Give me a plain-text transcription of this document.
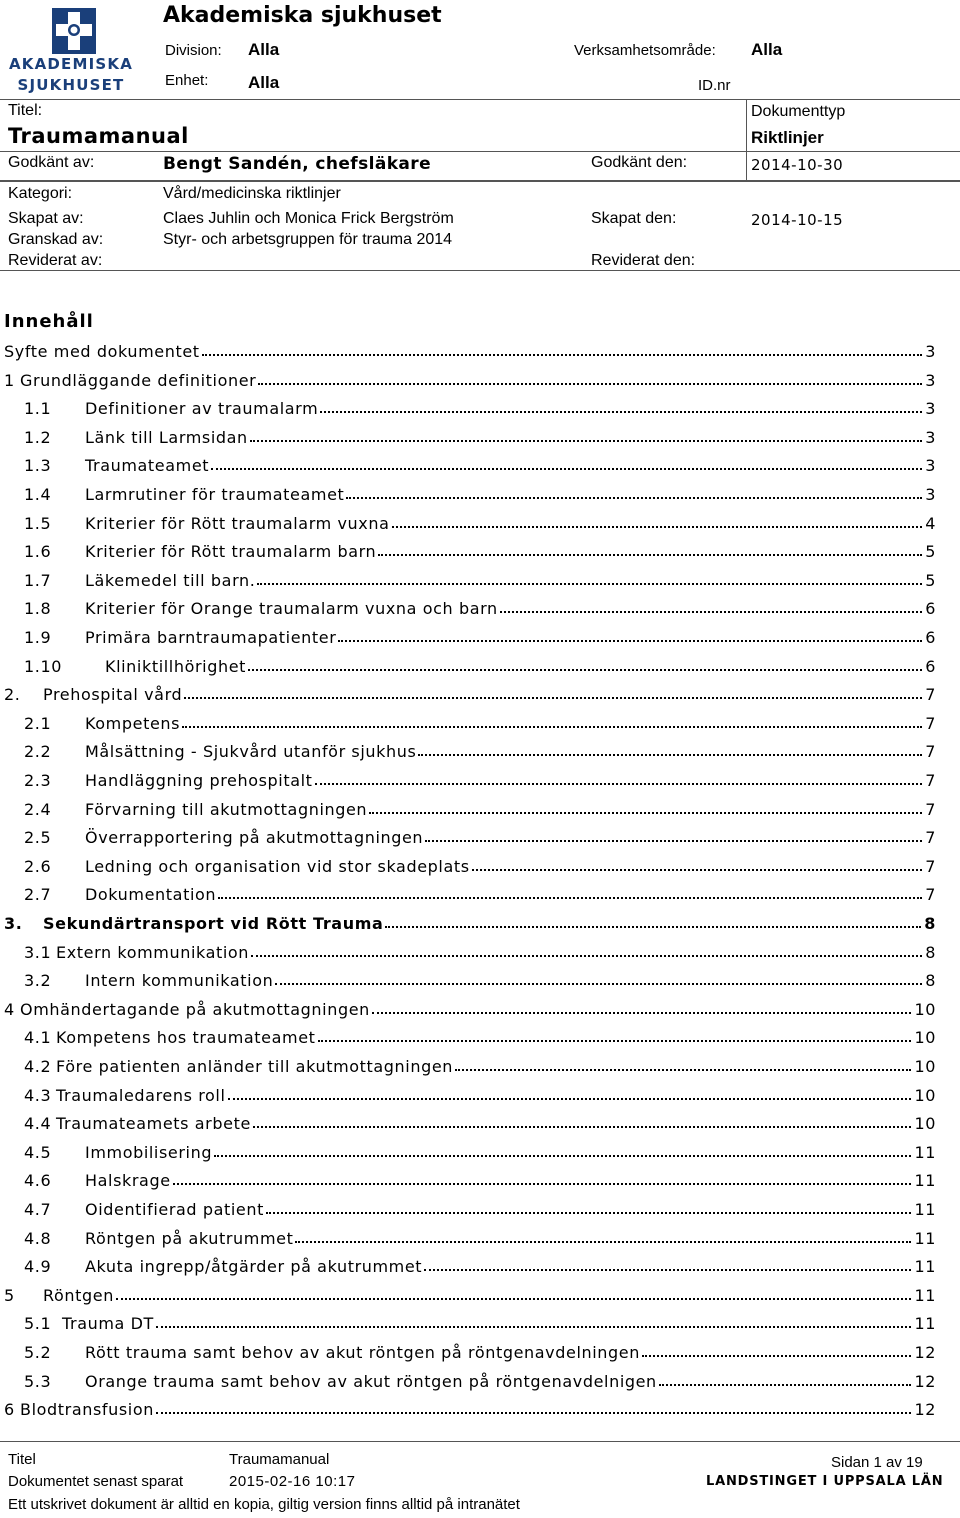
AKADEMISKA
SJUKHUSET
Akademiska sjukhuset
Division: Alla	Verksamhetsområde: Alla
Enhet: Alla	ID.nr
Titel:
Traumamanual
Dokumenttyp
Riktlinjer
Godkänt av:	Bengt Sandén, chefsläkare	Godkänt den:	2014-10-30
Kategori:	Vård/medicinska riktlinjer
Skapat av:	Claes Juhlin och Monica Frick Bergström	Skapat den:	2014-10-15
Granskad av:	Styr- och arbetsgruppen för trauma 2014
Reviderat av:	Reviderat den:
Innehåll
Syfte med dokumentet	3
1 Grundläggande definitioner	3
1.1	Definitioner av traumalarm	3
1.2	Länk till Larmsidan	3
1.3	Traumateamet	3
1.4	Larmrutiner för traumateamet	3
1.5	Kriterier för Rött traumalarm vuxna	4
1.6	Kriterier för Rött traumalarm barn	5
1.7	Läkemedel till barn.	5
1.8	Kriterier för Orange traumalarm vuxna och barn	6
1.9	Primära barntraumapatienter	6
1.10	Kliniktillhörighet	6
2.	Prehospital vård	7
2.1	Kompetens	7
2.2	Målsättning - Sjukvård utanför sjukhus	7
2.3	Handläggning prehospitalt	7
2.4	Förvarning till akutmottagningen	7
2.5	Överrapportering på akutmottagningen	7
2.6	Ledning och organisation vid stor skadeplats	7
2.7	Dokumentation	7
3.	Sekundärtransport vid Rött Trauma	8
3.1 Extern kommunikation	8
3.2	Intern kommunikation	8
4 Omhändertagande på akutmottagningen	10
4.1 Kompetens hos traumateamet	10
4.2 Före patienten anländer till akutmottagningen	10
4.3 Traumaledarens roll	10
4.4 Traumateamets arbete	10
4.5	Immobilisering	11
4.6	Halskrage	11
4.7	Oidentifierad patient	11
4.8	Röntgen på akutrummet	11
4.9	Akuta ingrepp/åtgärder på akutrummet	11
5	Röntgen	11
5.1 Trauma DT	11
5.2	Rött trauma samt behov av akut röntgen på röntgenavdelningen	12
5.3	Orange trauma samt behov av akut röntgen på röntgenavdelnigen	12
6 Blodtransfusion	12
Titel	Traumamanual	Sidan 1 av 19
Dokumentet senast sparat	2015-02-16 10:17	LANDSTINGET I UPPSALA LÄN
Ett utskrivet dokument är alltid en kopia, giltig version finns alltid på intranätet
